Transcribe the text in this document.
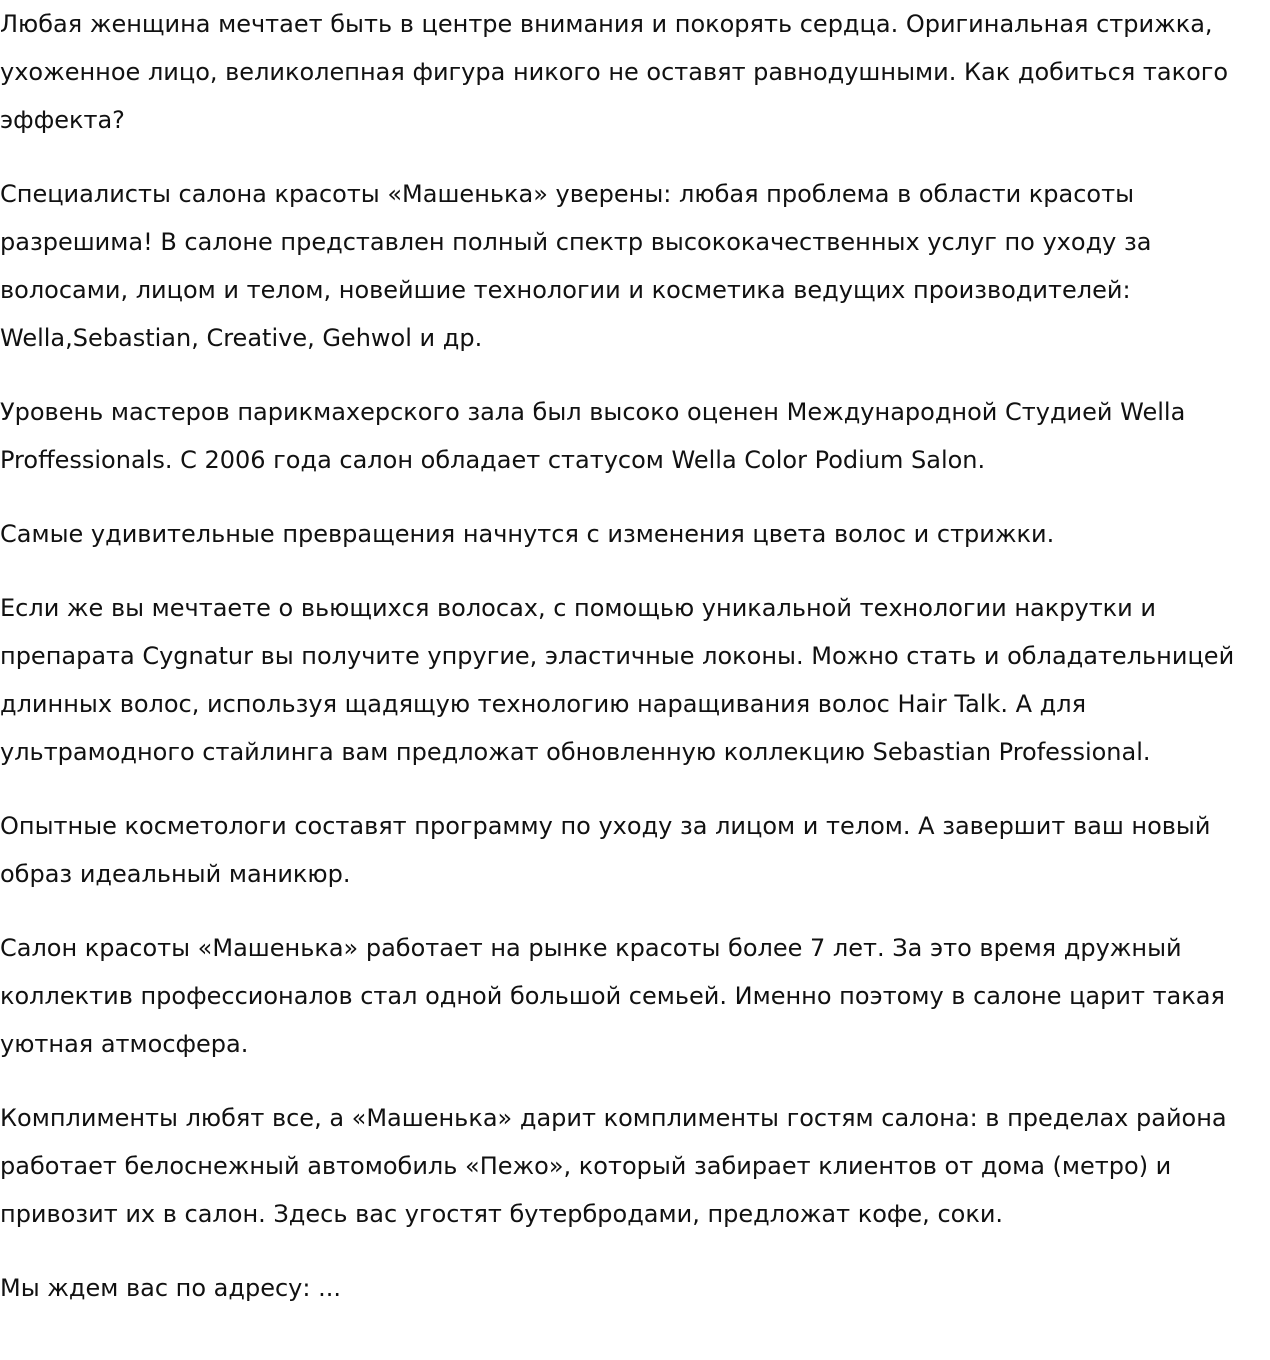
Любая женщина мечтает быть в центре внимания и покорять сердца. Оригинальная стрижка, ухоженное лицо, великолепная фигура никого не оставят равнодушными. Как добиться такого эффекта?

Специалисты салона красоты «Машенька» уверены: любая проблема в области красоты разрешима! В салоне представлен полный спектр высококачественных услуг по уходу за волосами, лицом и телом, новейшие технологии и косметика ведущих производителей: Wella,Sebastian, Creative, Gehwol и др.

Уровень мастеров парикмахерского зала был высоко оценен Международной Студией Wella Proffessionals. С 2006 года салон обладает статусом Wella Color Podium Salon.

Самые удивительные превращения начнутся с изменения цвета волос и стрижки.

Если же вы мечтаете о вьющихся волосах, с помощью уникальной технологии накрутки и препарата Cygnatur вы получите упругие, эластичные локоны. Можно стать и обладательницей длинных волос, используя щадящую технологию наращивания волос Hair Talk. А для ультрамодного стайлинга вам предложат обновленную коллекцию Sebastian Professional.

Опытные косметологи составят программу по уходу за лицом и телом. А завершит ваш новый образ идеальный маникюр.

Салон красоты «Машенька» работает на рынке красоты более 7 лет. За это время дружный коллектив профессионалов стал одной большой семьей. Именно поэтому в салоне царит такая уютная атмосфера.

Комплименты любят все, а «Машенька» дарит комплименты гостям салона: в пределах района работает белоснежный автомобиль «Пежо», который забирает клиентов от дома (метро) и привозит их в салон. Здесь вас угостят бутербродами, предложат кофе, соки.

Мы ждем вас по адресу: ...
